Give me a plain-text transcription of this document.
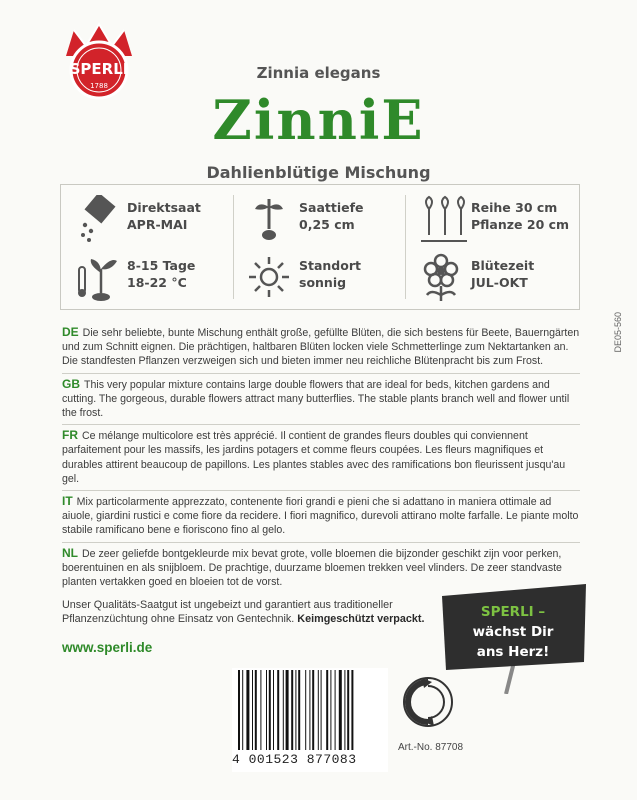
SPERLI
1788
Zinnia elegans
ZinniE
Dahlienblütige Mischung
Direktsaat
APR-MAI
Saattiefe
0,25 cm
Reihe 30 cm
Pflanze 20 cm
8-15 Tage
18-22 °C
Standort
sonnig
Blütezeit
JUL-OKT
DE05-560
DE Die sehr beliebte, bunte Mischung enthält große, gefüllte Blüten, die sich bestens für Beete, Bauerngärten und zum Schnitt eignen. Die prächtigen, haltbaren Blüten locken viele Schmetterlinge zum Nektartanken an. Die standfesten Pflanzen verzweigen sich und bieten immer neu reichliche Blütenpracht bis zum Frost.
GB This very popular mixture contains large double flowers that are ideal for beds, kitchen gardens and cutting. The gorgeous, durable flowers attract many butterflies. The stable plants branch well and flower until the frost.
FR Ce mélange multicolore est très apprécié. Il contient de grandes fleurs doubles qui conviennent parfaitement pour les massifs, les jardins potagers et comme fleurs coupées. Les fleurs magnifiques et durables attirent beaucoup de papillons. Les plantes stables avec des ramifications bon fleurissent jusqu'au gel.
IT Mix particolarmente apprezzato, contenente fiori grandi e pieni che si adattano in maniera ottimale ad aiuole, giardini rustici e come fiore da recidere. I fiori magnifico, durevoli attirano molte farfalle. Le piante molto stabile ramificano bene e fioriscono fino al gelo.
NL De zeer geliefde bontgekleurde mix bevat grote, volle bloemen die bijzonder geschikt zijn voor perken, boerentuinen en als snijbloem. De prachtige, duurzame bloemen trekken veel vlinders. De zeer standvaste planten vertakken goed en bloeien tot de vorst.
Unser Qualitäts-Saatgut ist ungebeizt und garantiert aus traditioneller Pflanzenzüchtung ohne Einsatz von Gentechnik. Keimgeschützt verpackt.
www.sperli.de
SPERLI –
wächst Dir
ans Herz!
4 001523 877083
Art.-No. 87708
